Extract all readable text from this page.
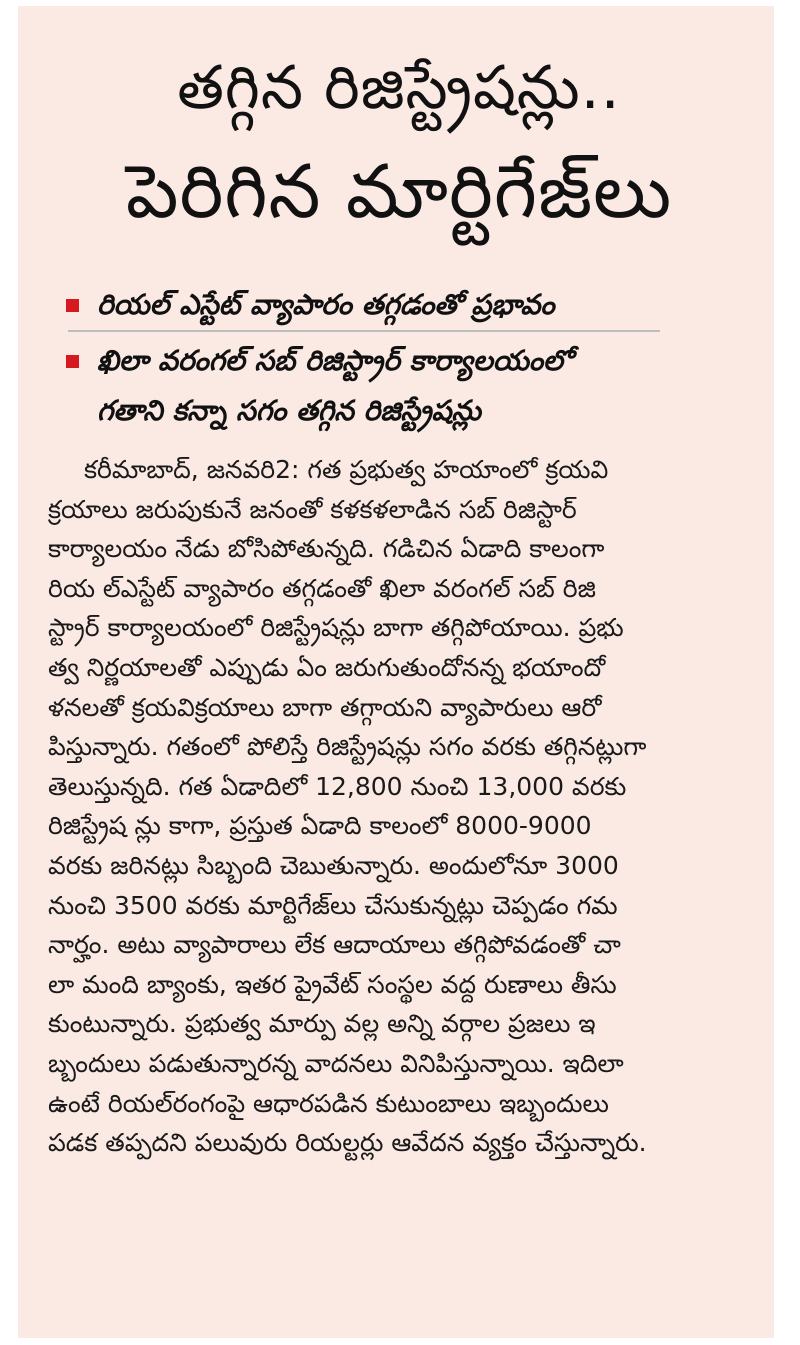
తగ్గిన రిజిస్ట్రేషన్లు..
పెరిగిన మార్టిగేజ్‌లు
రియల్ ఎస్టేట్ వ్యాపారం తగ్గడంతో ప్రభావం
ఖిలా వరంగల్ సబ్ రిజిస్ట్రార్ కార్యాలయంలో
గతాని కన్నా సగం తగ్గిన రిజిస్ట్రేషన్లు
కరీమాబాద్, జనవరి2: గత ప్రభుత్వ హయాంలో క్రయవి
క్రయాలు జరుపుకునే జనంతో కళకళలాడిన సబ్ రిజిస్టార్
కార్యాలయం నేడు బోసిపోతున్నది. గడిచిన ఏడాది కాలంగా
రియ ల్‌ఎస్టేట్ వ్యాపారం తగ్గడంతో ఖిలా వరంగల్ సబ్ రిజి
స్ట్రార్ కార్యాలయంలో రిజిస్ట్రేషన్లు బాగా తగ్గిపోయాయి. ప్రభు
త్వ నిర్ణయాలతో ఎప్పుడు ఏం జరుగుతుందోనన్న భయాందో
ళనలతో క్రయవిక్రయాలు బాగా తగ్గాయని వ్యాపారులు ఆరో
పిస్తున్నారు. గతంలో పోలిస్తే రిజిస్ట్రేషన్లు సగం వరకు తగ్గినట్లుగా
తెలుస్తున్నది. గత ఏడాదిలో 12,800 నుంచి 13,000 వరకు
రిజిస్ట్రేష న్లు కాగా, ప్రస్తుత ఏడాది కాలంలో 8000-9000
వరకు జరినట్లు సిబ్బంది చెబుతున్నారు. అందులోనూ 3000
నుంచి 3500 వరకు మార్టిగేజ్‌లు చేసుకున్నట్లు చెప్పడం గమ
నార్హం. అటు వ్యాపారాలు లేక ఆదాయాలు తగ్గిపోవడంతో చా
లా మంది బ్యాంకు, ఇతర ప్రైవేట్ సంస్థల వద్ద రుణాలు తీసు
కుంటున్నారు. ప్రభుత్వ మార్పు వల్ల అన్ని వర్గాల ప్రజలు ఇ
బ్బందులు పడుతున్నారన్న వాదనలు వినిపిస్తున్నాయి. ఇదిలా
ఉంటే రియల్‌రంగంపై ఆధారపడిన కుటుంబాలు ఇబ్బందులు
పడక తప్పదని పలువురు రియల్టర్లు ఆవేదన వ్యక్తం చేస్తున్నారు.
